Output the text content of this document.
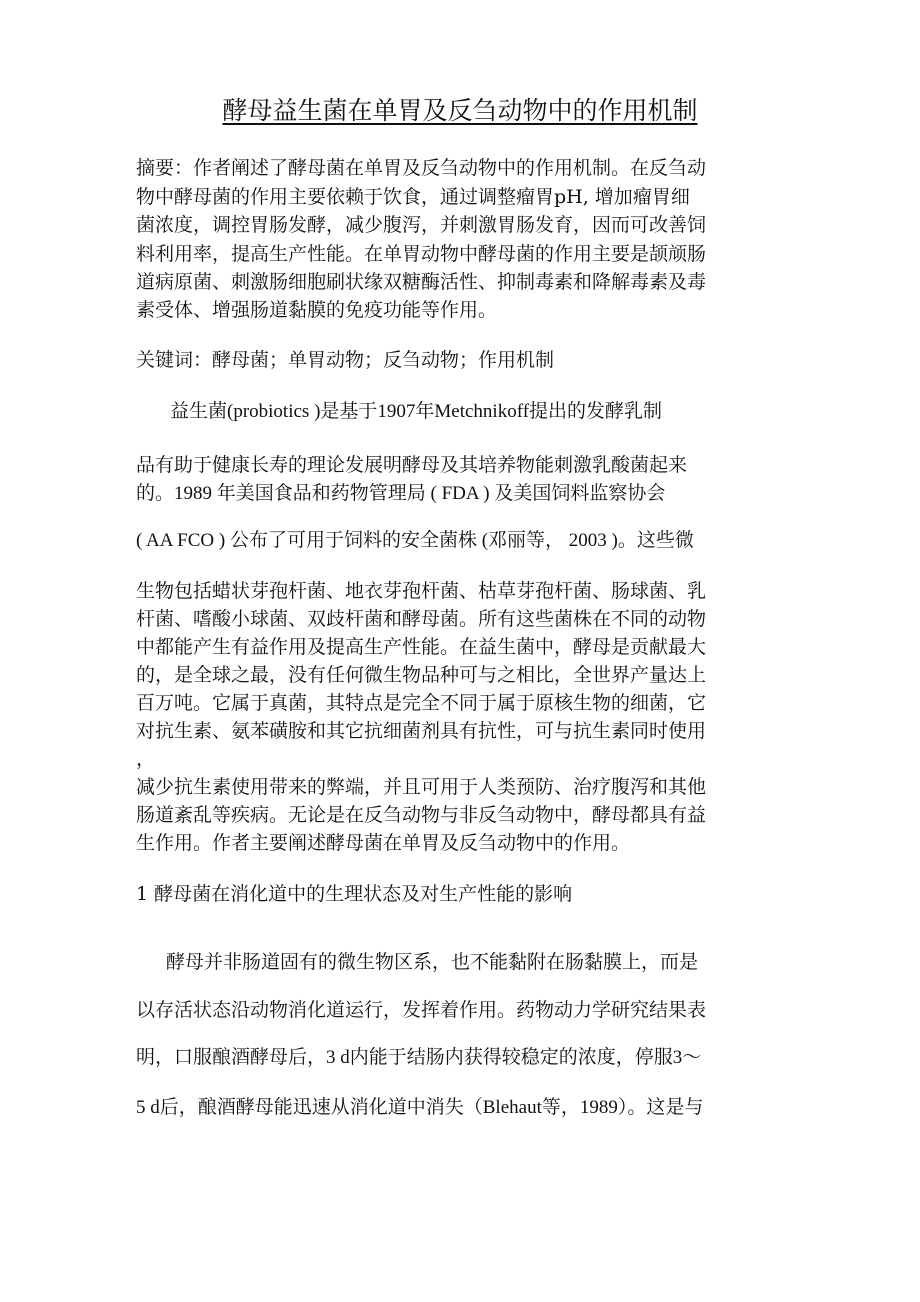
酵母益生菌在单胃及反刍动物中的作用机制
摘要：作者阐述了酵母菌在单胃及反刍动物中的作用机制。在反刍动
物中酵母菌的作用主要依赖于饮食，通过调整瘤胃pH, 增加瘤胃细
菌浓度，调控胃肠发酵，减少腹泻，并刺激胃肠发育，因而可改善饲
料利用率，提高生产性能。在单胃动物中酵母菌的作用主要是颉颃肠
道病原菌、刺激肠细胞刷状缘双糖酶活性、抑制毒素和降解毒素及毒
素受体、增强肠道黏膜的免疫功能等作用。
关键词：酵母菌；单胃动物；反刍动物；作用机制
益生菌(probiotics )是基于1907年Metchnikoff提出的发酵乳制
品有助于健康长寿的理论发展明酵母及其培养物能刺激乳酸菌起来
的。1989 年美国食品和药物管理局 ( FDA ) 及美国饲料监察协会
( AA FCO ) 公布了可用于饲料的安全菌株 (邓丽等， 2003 )。这些微
生物包括蜡状芽孢杆菌、地衣芽孢杆菌、枯草芽孢杆菌、肠球菌、乳
杆菌、嗜酸小球菌、双歧杆菌和酵母菌。所有这些菌株在不同的动物
中都能产生有益作用及提高生产性能。在益生菌中，酵母是贡献最大
的，是全球之最，没有任何微生物品种可与之相比，全世界产量达上
百万吨。它属于真菌，其特点是完全不同于属于原核生物的细菌，它
对抗生素、氨苯磺胺和其它抗细菌剂具有抗性，可与抗生素同时使用
，
减少抗生素使用带来的弊端，并且可用于人类预防、治疗腹泻和其他
肠道紊乱等疾病。无论是在反刍动物与非反刍动物中，酵母都具有益
生作用。作者主要阐述酵母菌在单胃及反刍动物中的作用。
1 酵母菌在消化道中的生理状态及对生产性能的影响
酵母并非肠道固有的微生物区系，也不能黏附在肠黏膜上，而是
以存活状态沿动物消化道运行，发挥着作用。药物动力学研究结果表
明，口服酿酒酵母后，3 d内能于结肠内获得较稳定的浓度，停服3～
5 d后，酿酒酵母能迅速从消化道中消失（Blehaut等，1989）。这是与
